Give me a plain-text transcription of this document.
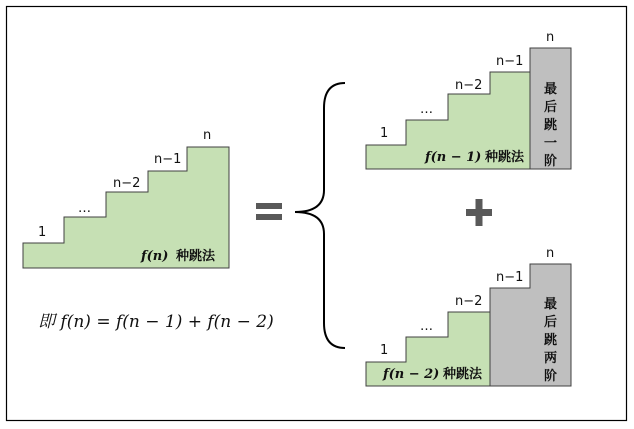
1
…
n−2
n−1
n
f(n) 种跳法
即 f(n) = f(n − 1) + f(n − 2)
1
…
n−2
n−1
n
f(n − 1) 种跳法
最
后
跳
一
阶
1
…
n−2
n−1
n
f(n − 2) 种跳法
最
后
跳
两
阶
